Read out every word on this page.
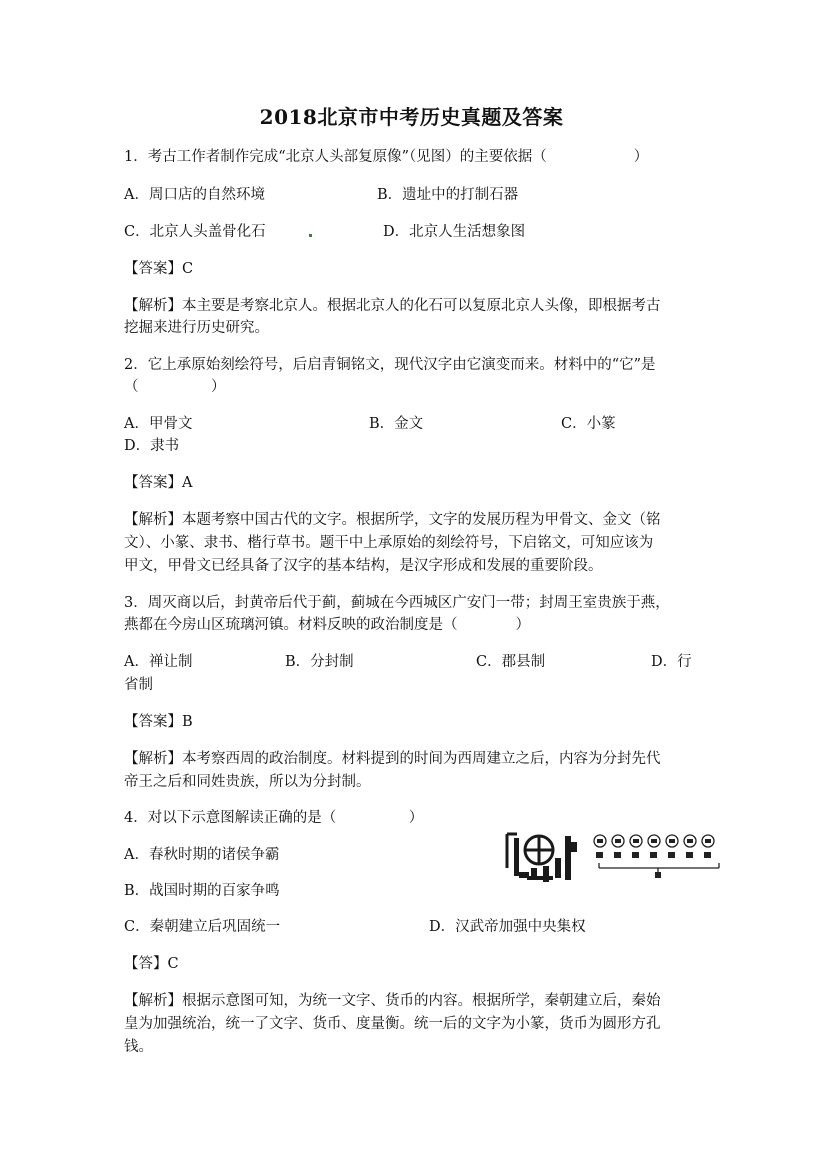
2018北京市中考历史真题及答案
1．考古工作者制作完成“北京人头部复原像”（见图）的主要依据（　　　　　　）
A．周口店的自然环境	B．遗址中的打制石器
C．北京人头盖骨化石	D．北京人生活想象图
【答案】C
【解析】本主要是考察北京人。根据北京人的化石可以复原北京人头像，即根据考古
挖掘来进行历史研究。
2．它上承原始刻绘符号，后启青铜铭文，现代汉字由它演变而来。材料中的“它”是
（　　　　　）
A．甲骨文	B．金文	C．小篆
D．隶书
【答案】A
【解析】本题考察中国古代的文字。根据所学，文字的发展历程为甲骨文、金文（铭
文）、小篆、隶书、楷行草书。题干中上承原始的刻绘符号，下启铭文，可知应该为
甲文，甲骨文已经具备了汉字的基本结构，是汉字形成和发展的重要阶段。
3．周灭商以后，封黄帝后代于蓟，蓟城在今西城区广安门一带；封周王室贵族于燕，
燕都在今房山区琉璃河镇。材料反映的政治制度是（　　　　）
A．禅让制	B．分封制	C．郡县制	D．行
省制
【答案】B
【解析】本考察西周的政治制度。材料提到的时间为西周建立之后，内容为分封先代
帝王之后和同姓贵族，所以为分封制。
4．对以下示意图解读正确的是（　　　　　）
A．春秋时期的诸侯争霸
B．战国时期的百家争鸣
C．秦朝建立后巩固统一	D．汉武帝加强中央集权
【答】C
【解析】根据示意图可知，为统一文字、货币的内容。根据所学，秦朝建立后，秦始
皇为加强统治，统一了文字、货币、度量衡。统一后的文字为小篆，货币为圆形方孔
钱。
